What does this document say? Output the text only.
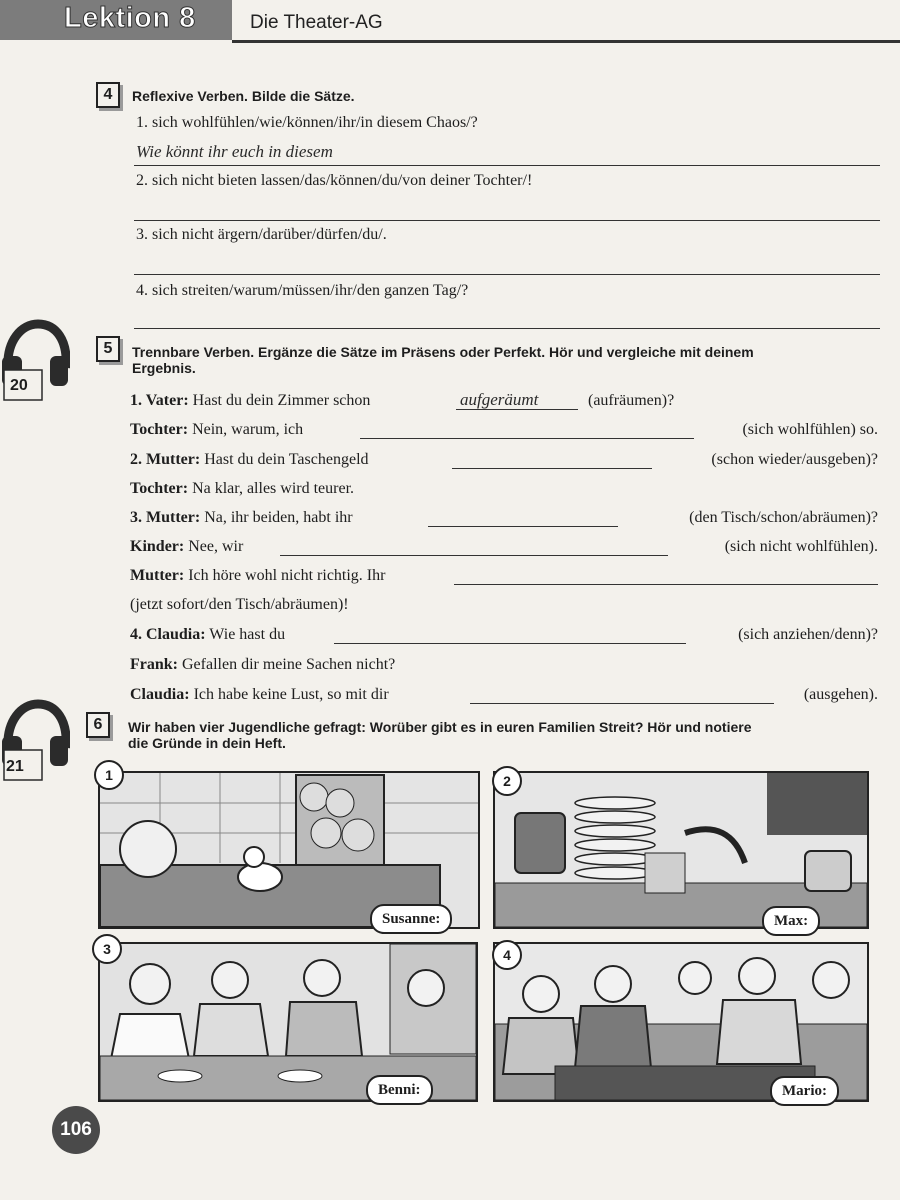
Lektion 8	Die Theater-AG
4	Reflexive Verben. Bilde die Sätze.
1. sich wohlfühlen/wie/können/ihr/in diesem Chaos/?
Wie könnt ihr euch in diesem
2. sich nicht bieten lassen/das/können/du/von deiner Tochter/!
3. sich nicht ärgern/darüber/dürfen/du/.
4. sich streiten/warum/müssen/ihr/den ganzen Tag/?
20
5	Trennbare Verben. Ergänze die Sätze im Präsens oder Perfekt. Hör und vergleiche mit deinem
Ergebnis.
1. Vater: Hast du dein Zimmer schon	aufgeräumt	(aufräumen)?
Tochter: Nein, warum, ich	(sich wohlfühlen) so.
2. Mutter: Hast du dein Taschengeld	(schon wieder/ausgeben)?
Tochter: Na klar, alles wird teurer.
3. Mutter: Na, ihr beiden, habt ihr	(den Tisch/schon/abräumen)?
Kinder: Nee, wir	(sich nicht wohlfühlen).
Mutter: Ich höre wohl nicht richtig. Ihr
(jetzt sofort/den Tisch/abräumen)!
4. Claudia: Wie hast du	(sich anziehen/denn)?
Frank: Gefallen dir meine Sachen nicht?
Claudia: Ich habe keine Lust, so mit dir	(ausgehen).
21
6	Wir haben vier Jugendliche gefragt: Worüber gibt es in euren Familien Streit? Hör und notiere
die Gründe in dein Heft.
1
Susanne:
2
Max:
3
Benni:
4
Mario:
106
